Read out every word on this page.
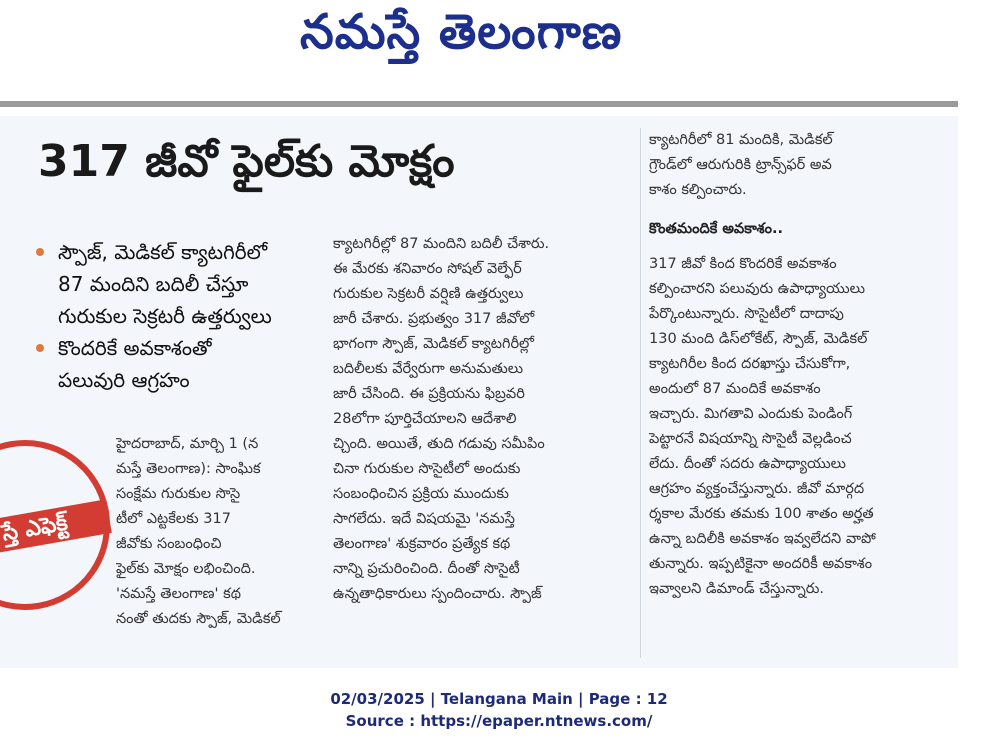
నమస్తే తెలంగాణ
317 జీవో ఫైల్‌కు మోక్షం
స్పౌజ్, మెడికల్ క్యాటగిరీలో
87 మందిని బదిలీ చేస్తూ
గురుకుల సెక్రటరీ ఉత్తర్వులు
కొందరికే అవకాశంతో
పలువురి ఆగ్రహం
స్తే ఎఫెక్ట్
హైదరాబాద్, మార్చి 1 (న
మస్తే తెలంగాణ): సాంఘిక
సంక్షేమ గురుకుల సొసై
టీలో ఎట్టకేలకు 317
జీవోకు సంబంధించి
ఫైల్‌కు మోక్షం లభించింది.
'నమస్తే తెలంగాణ' కథ
నంతో తుదకు స్పౌజ్, మెడికల్
క్యాటగిరీల్లో 87 మందిని బదిలీ చేశారు.
ఈ మేరకు శనివారం సోషల్ వెల్ఫేర్
గురుకుల సెక్రటరీ వర్షిణి ఉత్తర్వులు
జారీ చేశారు. ప్రభుత్వం 317 జీవోలో
భాగంగా స్పౌజ్, మెడికల్ క్యాటగిరీల్లో
బదిలీలకు వేర్వేరుగా అనుమతులు
జారీ చేసింది. ఈ ప్రక్రియను ఫిబ్రవరి
28లోగా పూర్తిచేయాలని ఆదేశాలి
చ్చింది. అయితే, తుది గడువు సమీపిం
చినా గురుకుల సొసైటీలో అందుకు
సంబంధించిన ప్రక్రియ ముందుకు
సాగలేదు. ఇదే విషయమై 'నమస్తే
తెలంగాణ' శుక్రవారం ప్రత్యేక కథ
నాన్ని ప్రచురించింది. దీంతో సొసైటీ
ఉన్నతాధికారులు స్పందించారు. స్పౌజ్
క్యాటగిరీలో 81 మందికి, మెడికల్
గ్రౌండ్‌లో ఆరుగురికి ట్రాన్స్‌ఫర్ అవ
కాశం కల్పించారు.
కొంతమందికే అవకాశం..
317 జీవో కింద కొందరికే అవకాశం
కల్పించారని పలువురు ఉపాధ్యాయులు
పేర్కొంటున్నారు. సొసైటీలో దాదాపు
130 మంది డిస్‌లోకేట్, స్పౌజ్, మెడికల్
క్యాటగిరీల కింద దరఖాస్తు చేసుకోగా,
అందులో 87 మందికే అవకాశం
ఇచ్చారు. మిగతావి ఎందుకు పెండింగ్
పెట్టారనే విషయాన్ని సొసైటీ వెల్లడించ
లేదు. దీంతో సదరు ఉపాధ్యాయులు
ఆగ్రహం వ్యక్తంచేస్తున్నారు. జీవో మార్గద
ర్శకాల మేరకు తమకు 100 శాతం అర్హత
ఉన్నా బదిలీకి అవకాశం ఇవ్వలేదని వాపో
తున్నారు. ఇప్పటికైనా అందరికీ అవకాశం
ఇవ్వాలని డిమాండ్ చేస్తున్నారు.
02/03/2025 | Telangana Main | Page : 12
Source : https://epaper.ntnews.com/
